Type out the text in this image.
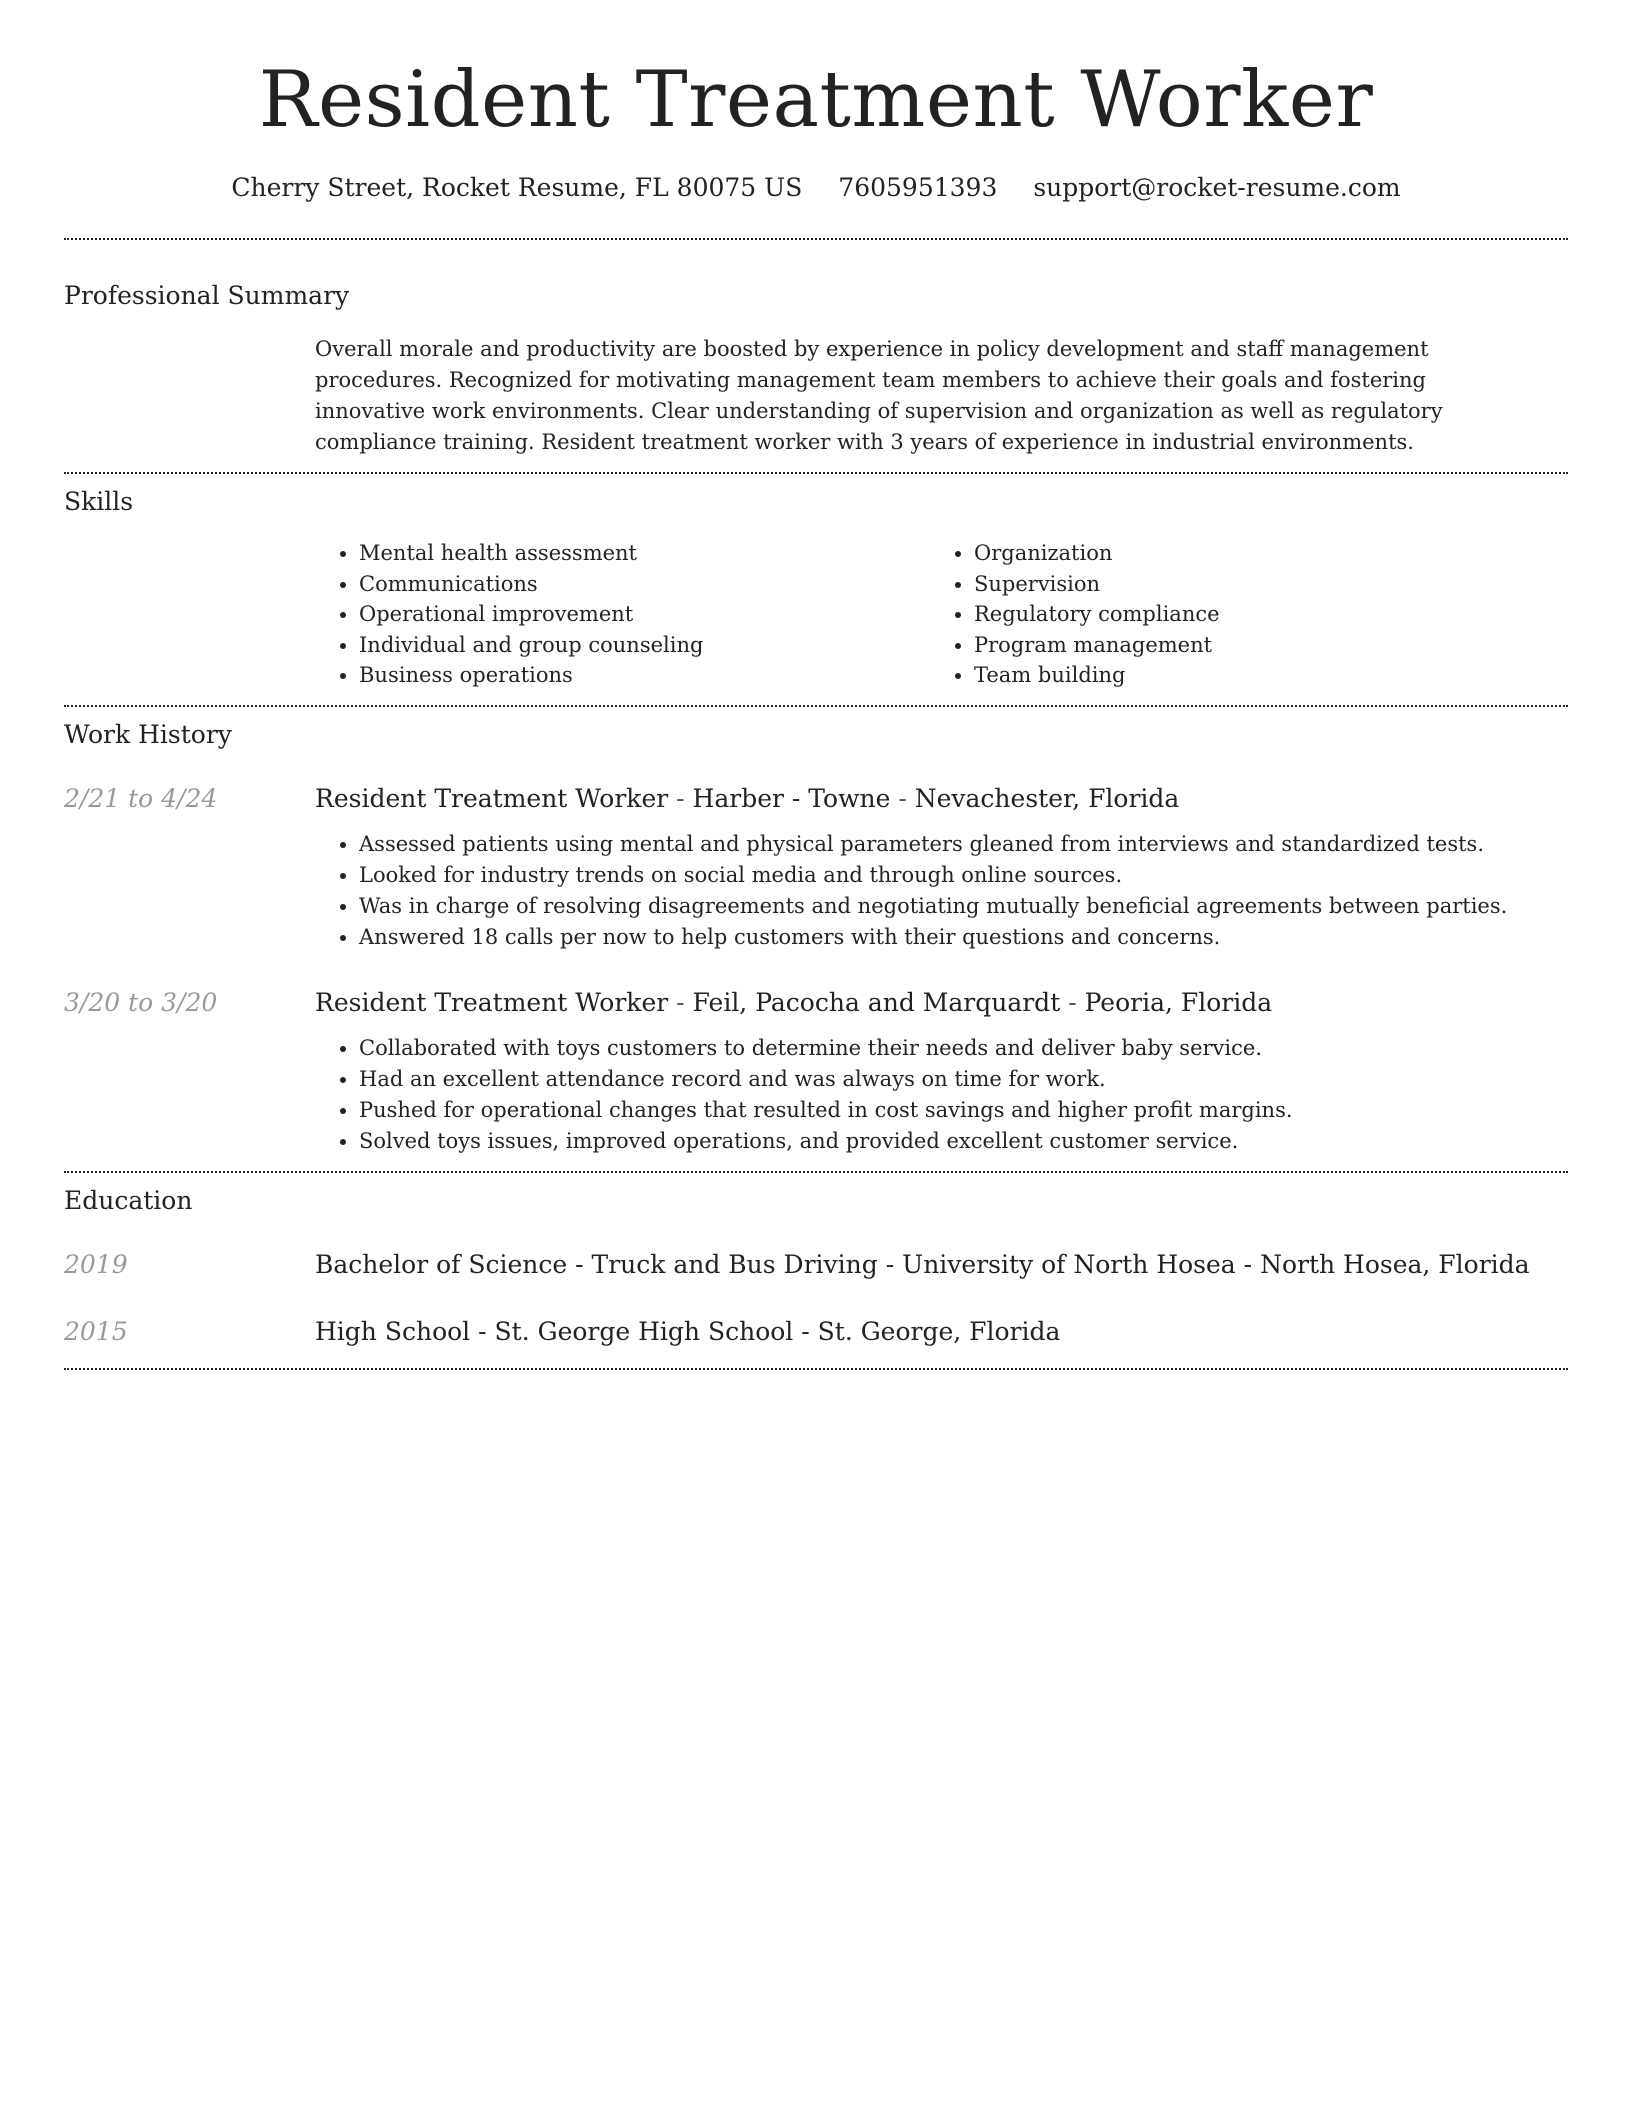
Resident Treatment Worker
Cherry Street, Rocket Resume, FL 80075 US 7605951393 support@rocket-resume.com
Professional Summary
Overall morale and productivity are boosted by experience in policy development and staff management procedures. Recognized for motivating management team members to achieve their goals and fostering innovative work environments. Clear understanding of supervision and organization as well as regulatory compliance training. Resident treatment worker with 3 years of experience in industrial environments.
Skills
• Mental health assessment
• Communications
• Operational improvement
• Individual and group counseling
• Business operations
• Organization
• Supervision
• Regulatory compliance
• Program management
• Team building
Work History
2/21 to 4/24	Resident Treatment Worker - Harber - Towne - Nevachester, Florida
• Assessed patients using mental and physical parameters gleaned from interviews and standardized tests.
• Looked for industry trends on social media and through online sources.
• Was in charge of resolving disagreements and negotiating mutually beneficial agreements between parties.
• Answered 18 calls per now to help customers with their questions and concerns.
3/20 to 3/20	Resident Treatment Worker - Feil, Pacocha and Marquardt - Peoria, Florida
• Collaborated with toys customers to determine their needs and deliver baby service.
• Had an excellent attendance record and was always on time for work.
• Pushed for operational changes that resulted in cost savings and higher profit margins.
• Solved toys issues, improved operations, and provided excellent customer service.
Education
2019	Bachelor of Science - Truck and Bus Driving - University of North Hosea - North Hosea, Florida
2015	High School - St. George High School - St. George, Florida
